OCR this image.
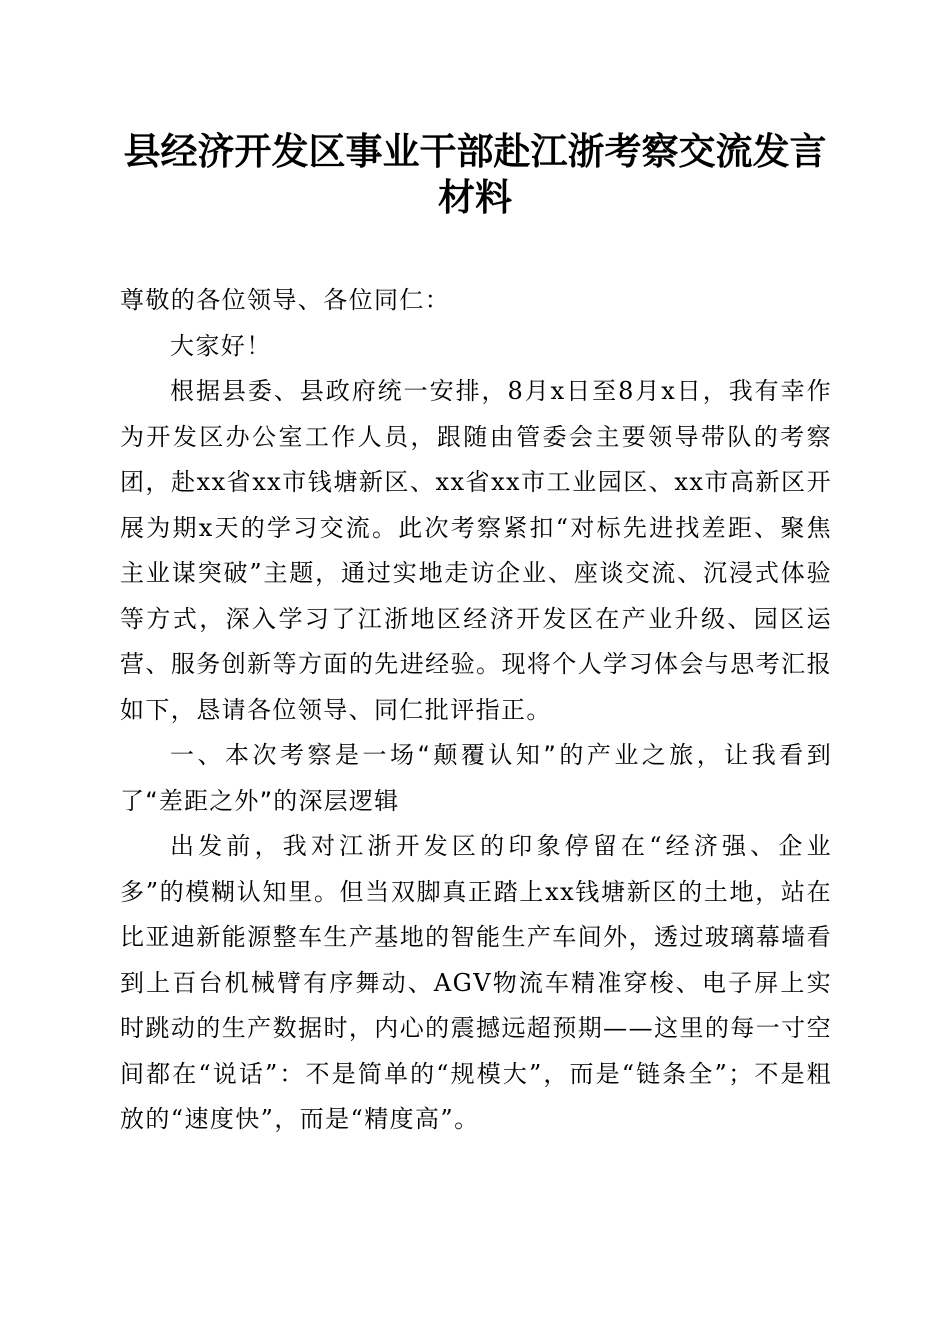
县经济开发区事业干部赴江浙考察交流发言材料

尊敬的各位领导、各位同仁：

大家好！

根据县委、县政府统一安排，8月x日至8月x日，我有幸作为开发区办公室工作人员，跟随由管委会主要领导带队的考察团，赴xx省xx市钱塘新区、xx省xx市工业园区、xx市高新区开展为期x天的学习交流。此次考察紧扣“对标先进找差距、聚焦主业谋突破”主题，通过实地走访企业、座谈交流、沉浸式体验等方式，深入学习了江浙地区经济开发区在产业升级、园区运营、服务创新等方面的先进经验。现将个人学习体会与思考汇报如下，恳请各位领导、同仁批评指正。

一、本次考察是一场“颠覆认知”的产业之旅，让我看到了“差距之外”的深层逻辑

出发前，我对江浙开发区的印象停留在“经济强、企业多”的模糊认知里。但当双脚真正踏上xx钱塘新区的土地，站在比亚迪新能源整车生产基地的智能生产车间外，透过玻璃幕墙看到上百台机械臂有序舞动、AGV物流车精准穿梭、电子屏上实时跳动的生产数据时，内心的震撼远超预期——这里的每一寸空间都在“说话”：不是简单的“规模大”，而是“链条全”；不是粗放的“速度快”，而是“精度高”。
